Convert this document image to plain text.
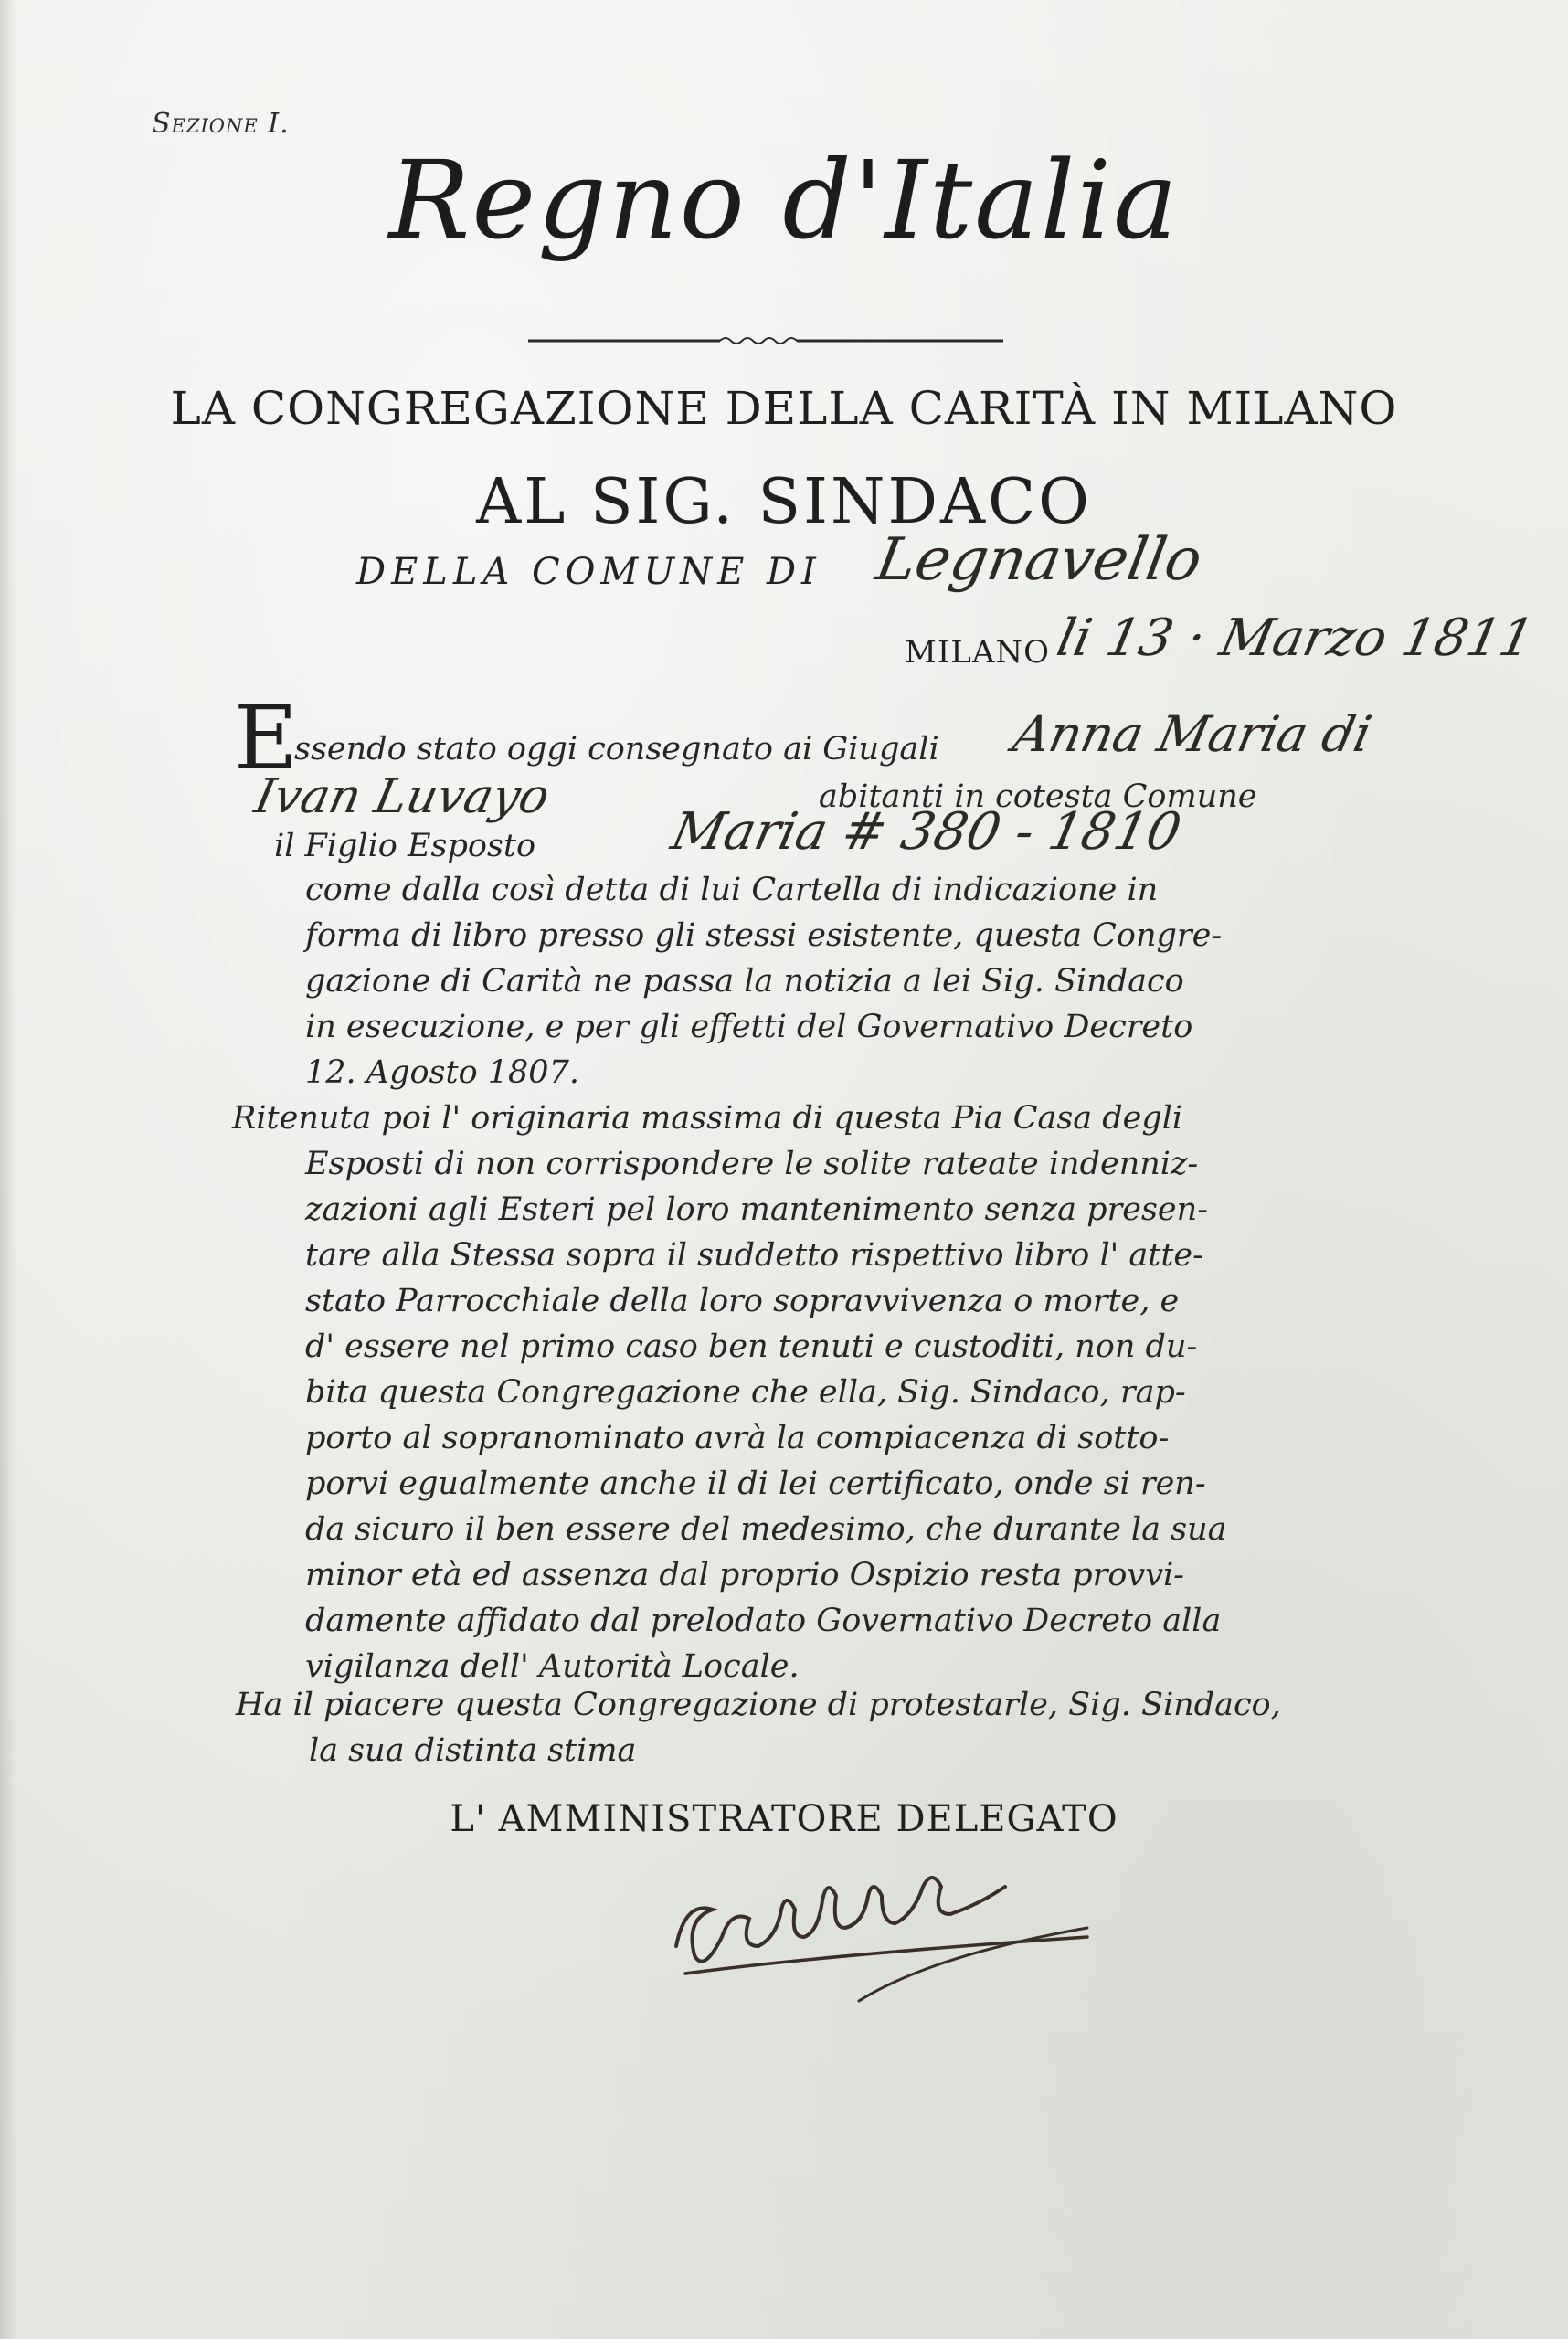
Sezione I.
Regno d'Italia
LA CONGREGAZIONE DELLA CARITÀ IN MILANO
AL SIG. SINDACO
DELLA COMUNE DI Legnavello
MILANO li 13 · Marzo 1811
E
ssendo stato oggi consegnato ai Giugali Anna Maria di
Ivan Luvayo	abitanti in cotesta Comune
il Figlio Esposto	Maria # 380 - 1810
come dalla così detta di lui Cartella di indicazione in
forma di libro presso gli stessi esistente, questa Congre-
gazione di Carità ne passa la notizia a lei Sig. Sindaco
in esecuzione, e per gli effetti del Governativo Decreto
12. Agosto 1807.
Ritenuta poi l' originaria massima di questa Pia Casa degli
Esposti di non corrispondere le solite rateate indenniz-
zazioni agli Esteri pel loro mantenimento senza presen-
tare alla Stessa sopra il suddetto rispettivo libro l' atte-
stato Parrocchiale della loro sopravvivenza o morte, e
d' essere nel primo caso ben tenuti e custoditi, non du-
bita questa Congregazione che ella, Sig. Sindaco, rap-
porto al sopranominato avrà la compiacenza di sotto-
porvi egualmente anche il di lei certificato, onde si ren-
da sicuro il ben essere del medesimo, che durante la sua
minor età ed assenza dal proprio Ospizio resta provvi-
damente affidato dal prelodato Governativo Decreto alla
vigilanza dell' Autorità Locale.
Ha il piacere questa Congregazione di protestarle, Sig. Sindaco,
la sua distinta stima
L' AMMINISTRATORE DELEGATO
